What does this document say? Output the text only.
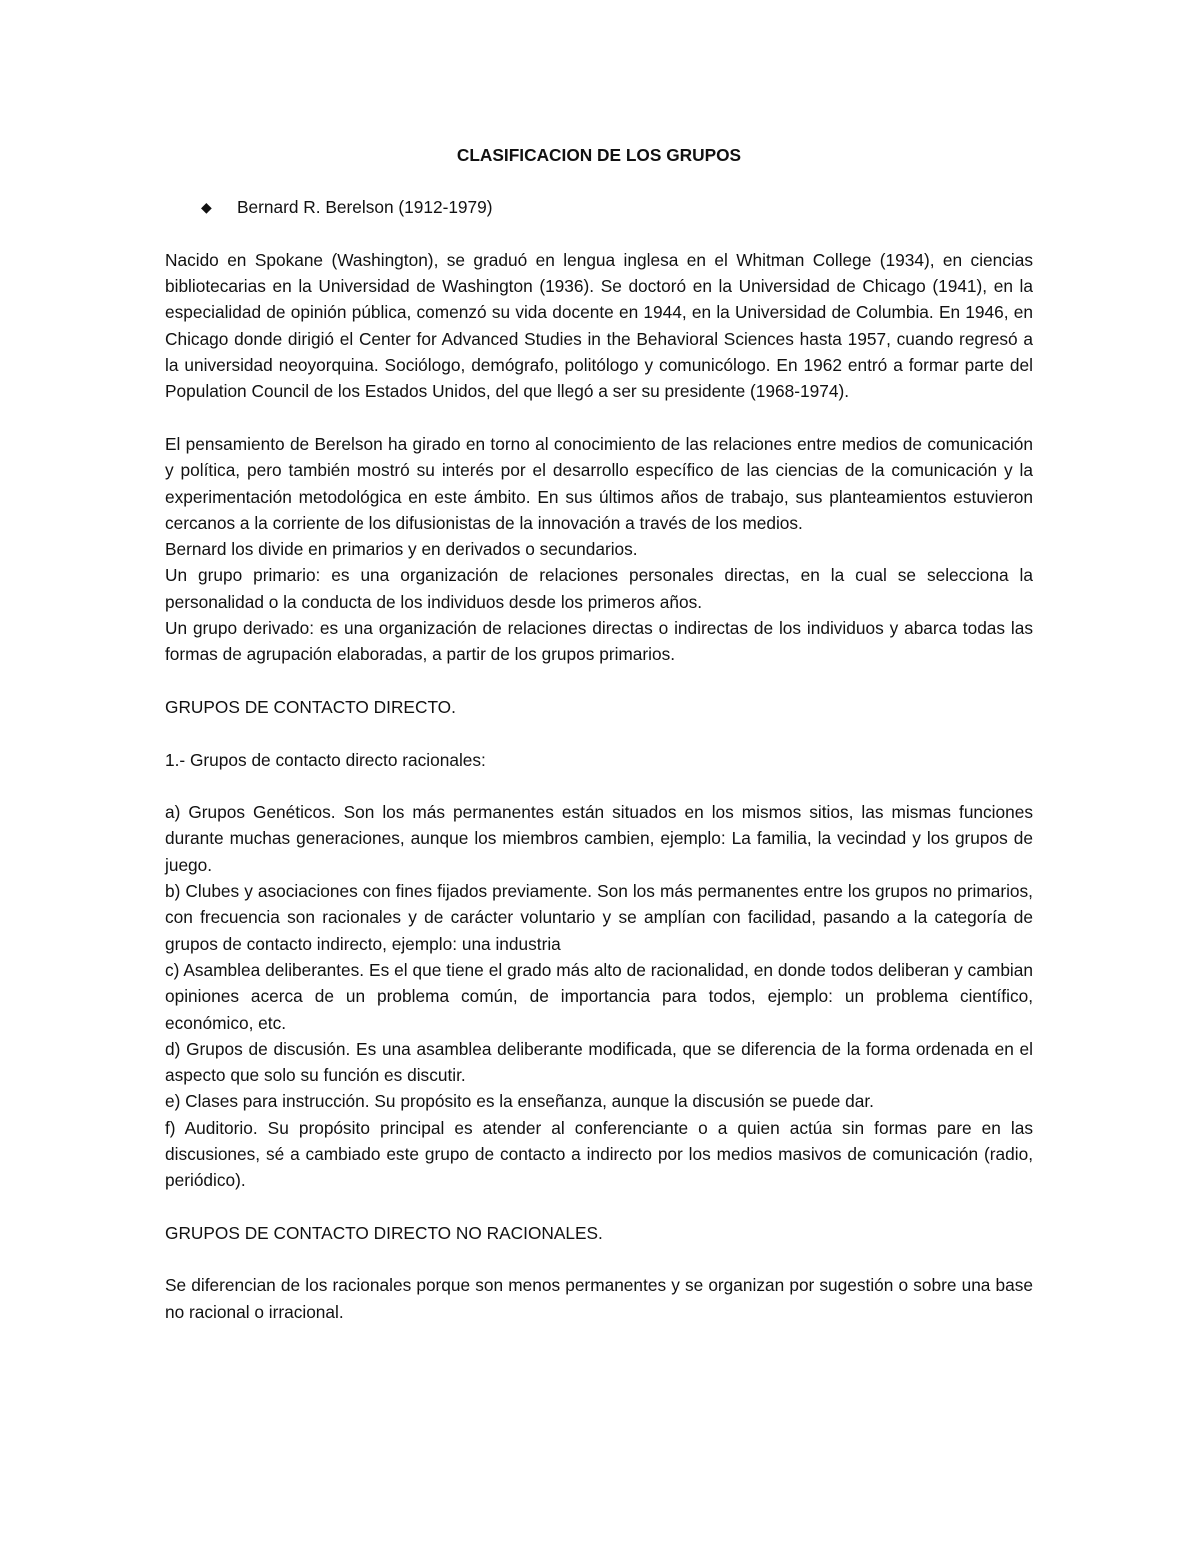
CLASIFICACION DE LOS GRUPOS

◆ Bernard R. Berelson (1912-1979)

Nacido en Spokane (Washington), se graduó en lengua inglesa en el Whitman College (1934), en ciencias bibliotecarias en la Universidad de Washington (1936). Se doctoró en la Universidad de Chicago (1941), en la especialidad de opinión pública, comenzó su vida docente en 1944, en la Universidad de Columbia. En 1946, en Chicago donde dirigió el Center for Advanced Studies in the Behavioral Sciences hasta 1957, cuando regresó a la universidad neoyorquina. Sociólogo, demógrafo, politólogo y comunicólogo. En 1962 entró a formar parte del Population Council de los Estados Unidos, del que llegó a ser su presidente (1968-1974).

El pensamiento de Berelson ha girado en torno al conocimiento de las relaciones entre medios de comunicación y política, pero también mostró su interés por el desarrollo específico de las ciencias de la comunicación y la experimentación metodológica en este ámbito. En sus últimos años de trabajo, sus planteamientos estuvieron cercanos a la corriente de los difusionistas de la innovación a través de los medios.

Bernard los divide en primarios y en derivados o secundarios.

Un grupo primario: es una organización de relaciones personales directas, en la cual se selecciona la personalidad o la conducta de los individuos desde los primeros años.

Un grupo derivado: es una organización de relaciones directas o indirectas de los individuos y abarca todas las formas de agrupación elaboradas, a partir de los grupos primarios.

GRUPOS DE CONTACTO DIRECTO.

1.- Grupos de contacto directo racionales:

a) Grupos Genéticos. Son los más permanentes están situados en los mismos sitios, las mismas funciones durante muchas generaciones, aunque los miembros cambien, ejemplo: La familia, la vecindad y los grupos de juego.

b) Clubes y asociaciones con fines fijados previamente. Son los más permanentes entre los grupos no primarios, con frecuencia son racionales y de carácter voluntario y se amplían con facilidad, pasando a la categoría de grupos de contacto indirecto, ejemplo: una industria

c) Asamblea deliberantes. Es el que tiene el grado más alto de racionalidad, en donde todos deliberan y cambian opiniones acerca de un problema común, de importancia para todos, ejemplo: un problema científico, económico, etc.

d) Grupos de discusión. Es una asamblea deliberante modificada, que se diferencia de la forma ordenada en el aspecto que solo su función es discutir.

e) Clases para instrucción. Su propósito es la enseñanza, aunque la discusión se puede dar.

f) Auditorio. Su propósito principal es atender al conferenciante o a quien actúa sin formas pare en las discusiones, sé a cambiado este grupo de contacto a indirecto por los medios masivos de comunicación (radio, periódico).

GRUPOS DE CONTACTO DIRECTO NO RACIONALES.

Se diferencian de los racionales porque son menos permanentes y se organizan por sugestión o sobre una base no racional o irracional.
